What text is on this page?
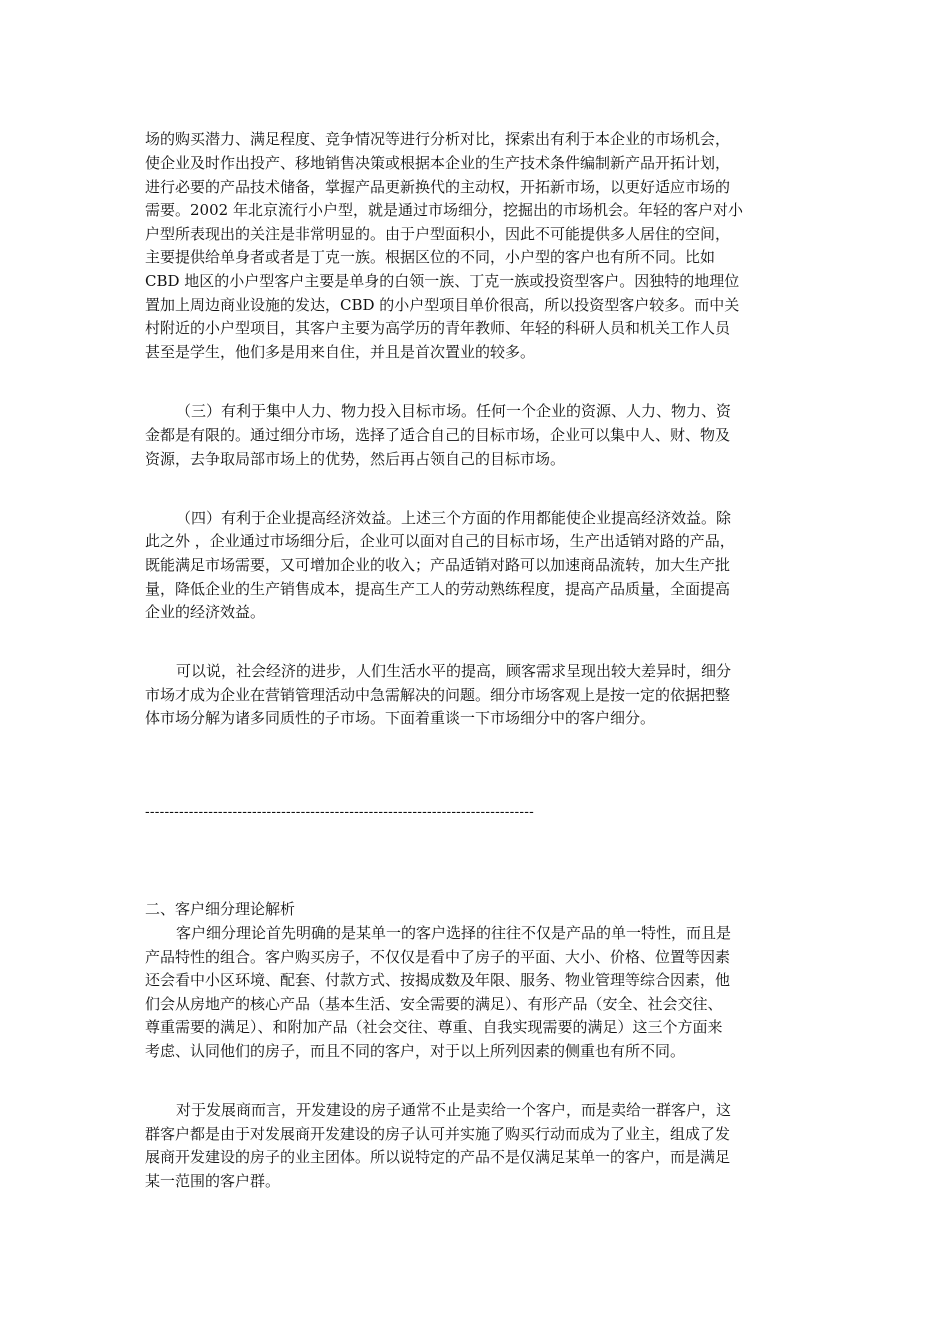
场的购买潜力、满足程度、竞争情况等进行分析对比，探索出有利于本企业的市场机会，
使企业及时作出投产、移地销售决策或根据本企业的生产技术条件编制新产品开拓计划，
进行必要的产品技术储备，掌握产品更新换代的主动权，开拓新市场，以更好适应市场的
需要。2002 年北京流行小户型，就是通过市场细分，挖掘出的市场机会。年轻的客户对小
户型所表现出的关注是非常明显的。由于户型面积小，因此不可能提供多人居住的空间，
主要提供给单身者或者是丁克一族。根据区位的不同，小户型的客户也有所不同。比如
CBD 地区的小户型客户主要是单身的白领一族、丁克一族或投资型客户。因独特的地理位
置加上周边商业设施的发达，CBD 的小户型项目单价很高，所以投资型客户较多。而中关
村附近的小户型项目，其客户主要为高学历的青年教师、年轻的科研人员和机关工作人员
甚至是学生，他们多是用来自住，并且是首次置业的较多。
（三）有利于集中人力、物力投入目标市场。任何一个企业的资源、人力、物力、资
金都是有限的。通过细分市场，选择了适合自己的目标市场，企业可以集中人、财、物及
资源，去争取局部市场上的优势，然后再占领自己的目标市场。
（四）有利于企业提高经济效益。上述三个方面的作用都能使企业提高经济效益。除
此之外 ，企业通过市场细分后，企业可以面对自己的目标市场，生产出适销对路的产品，
既能满足市场需要，又可增加企业的收入；产品适销对路可以加速商品流转，加大生产批
量，降低企业的生产销售成本，提高生产工人的劳动熟练程度，提高产品质量，全面提高
企业的经济效益。
可以说，社会经济的进步，人们生活水平的提高，顾客需求呈现出较大差异时，细分
市场才成为企业在营销管理活动中急需解决的问题。细分市场客观上是按一定的依据把整
体市场分解为诸多同质性的子市场。下面着重谈一下市场细分中的客户细分。
--------------------------------------------------------------------------------
二、客户细分理论解析
客户细分理论首先明确的是某单一的客户选择的往往不仅是产品的单一特性，而且是
产品特性的组合。客户购买房子，不仅仅是看中了房子的平面、大小、价格、位置等因素
还会看中小区环境、配套、付款方式、按揭成数及年限、服务、物业管理等综合因素，他
们会从房地产的核心产品（基本生活、安全需要的满足）、有形产品（安全、社会交往、
尊重需要的满足）、和附加产品（社会交往、尊重、自我实现需要的满足）这三个方面来
考虑、认同他们的房子，而且不同的客户，对于以上所列因素的侧重也有所不同。
对于发展商而言，开发建设的房子通常不止是卖给一个客户，而是卖给一群客户，这
群客户都是由于对发展商开发建设的房子认可并实施了购买行动而成为了业主，组成了发
展商开发建设的房子的业主团体。所以说特定的产品不是仅满足某单一的客户，而是满足
某一范围的客户群。
